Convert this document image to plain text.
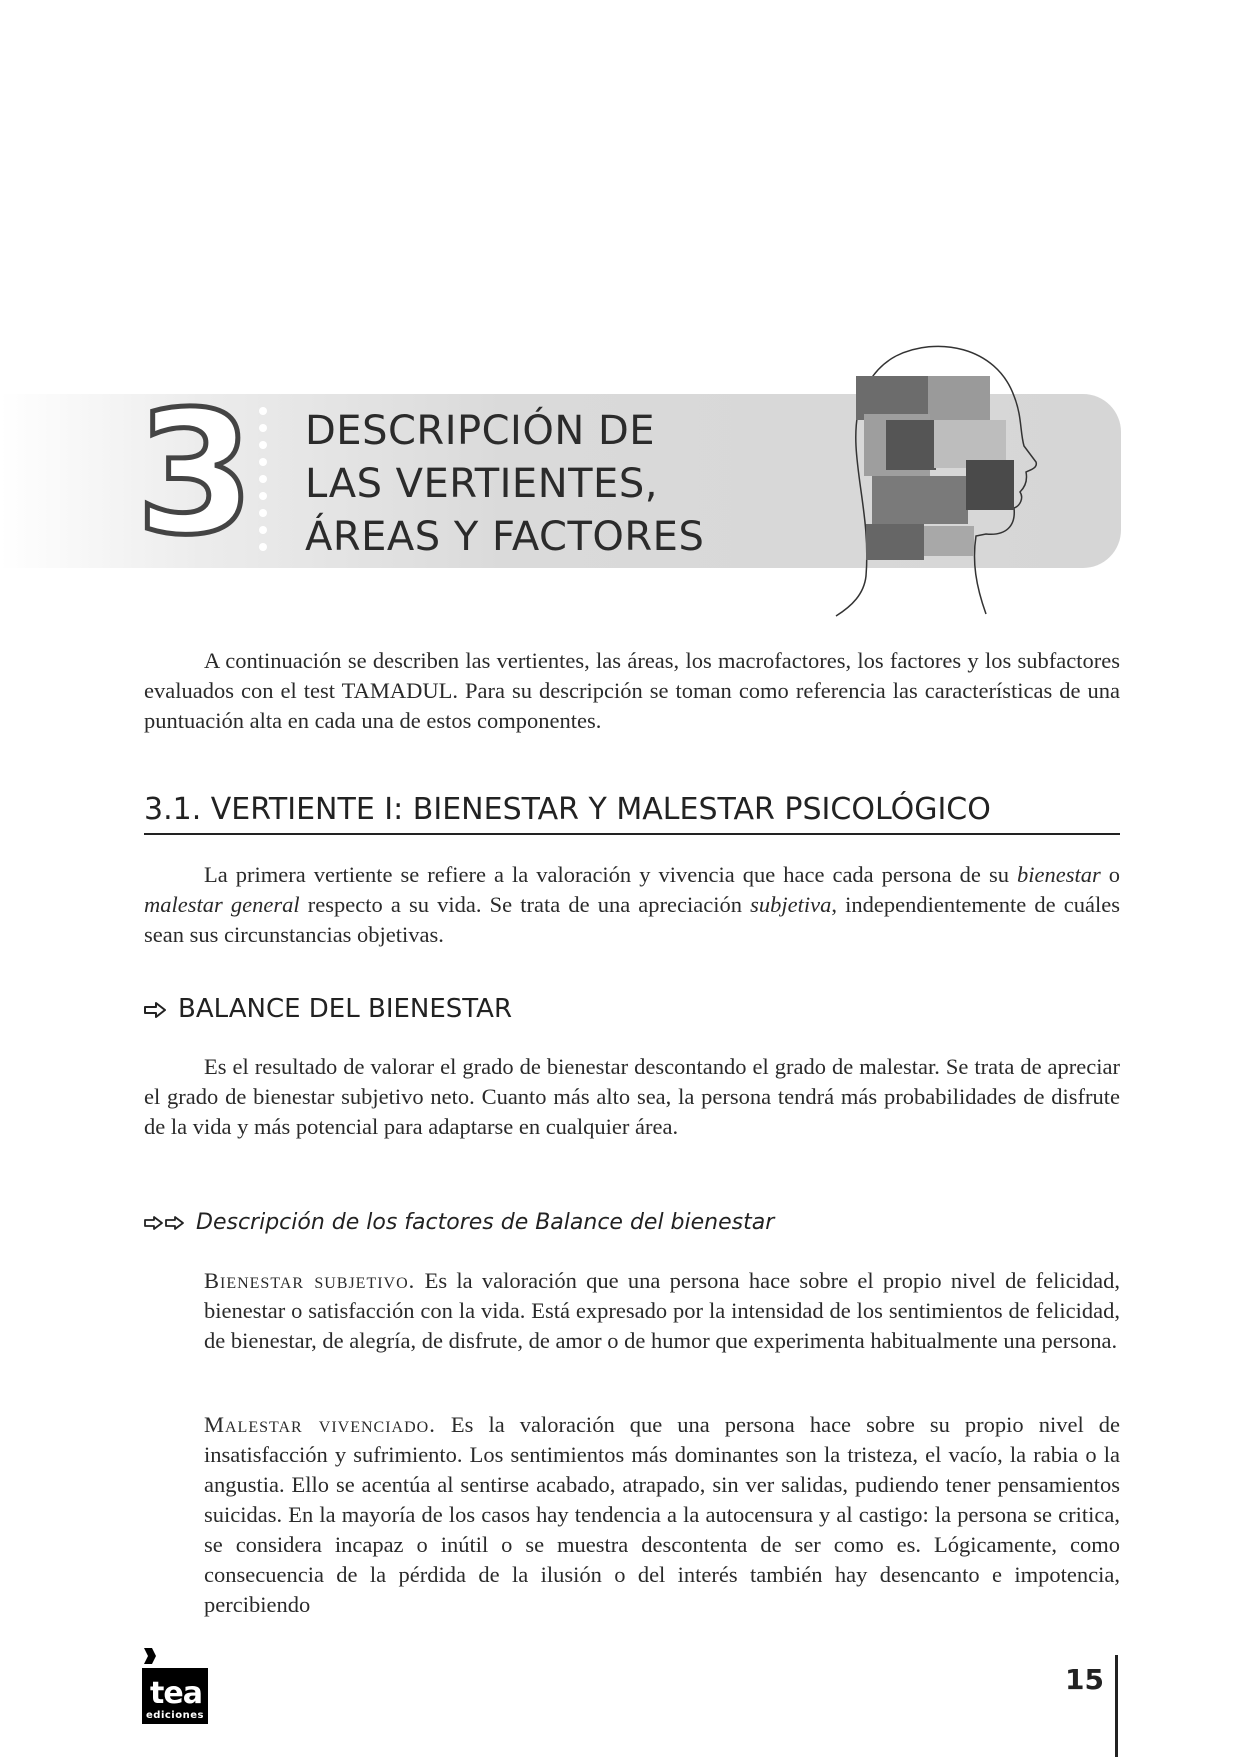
3 DESCRIPCIÓN DE
LAS VERTIENTES,
ÁREAS Y FACTORES
A continuación se describen las vertientes, las áreas, los macrofactores, los factores y los subfactores evaluados con el test TAMADUL. Para su descripción se toman como referencia las características de una puntuación alta en cada una de estos componentes.
3.1. VERTIENTE I: BIENESTAR Y MALESTAR PSICOLÓGICO
La primera vertiente se refiere a la valoración y vivencia que hace cada persona de su bienestar o malestar general respecto a su vida. Se trata de una apreciación subjetiva, independientemente de cuáles sean sus circunstancias objetivas.
BALANCE DEL BIENESTAR
Es el resultado de valorar el grado de bienestar descontando el grado de malestar. Se trata de apreciar el grado de bienestar subjetivo neto. Cuanto más alto sea, la persona tendrá más probabilidades de disfrute de la vida y más potencial para adaptarse en cualquier área.
Descripción de los factores de Balance del bienestar
Bienestar subjetivo. Es la valoración que una persona hace sobre el propio nivel de felicidad, bienestar o satisfacción con la vida. Está expresado por la intensidad de los sentimientos de felicidad, de bienestar, de alegría, de disfrute, de amor o de humor que experimenta habitualmente una persona.
Malestar vivenciado. Es la valoración que una persona hace sobre su propio nivel de insatisfacción y sufrimiento. Los sentimientos más dominantes son la tristeza, el vacío, la rabia o la angustia. Ello se acentúa al sentirse acabado, atrapado, sin ver salidas, pudiendo tener pensamientos suicidas. En la mayoría de los casos hay tendencia a la autocensura y al castigo: la persona se critica, se considera incapaz o inútil o se muestra descontenta de ser como es. Lógicamente, como consecuencia de la pérdida de la ilusión o del interés también hay desencanto e impotencia, percibiendo
tea
ediciones
15
